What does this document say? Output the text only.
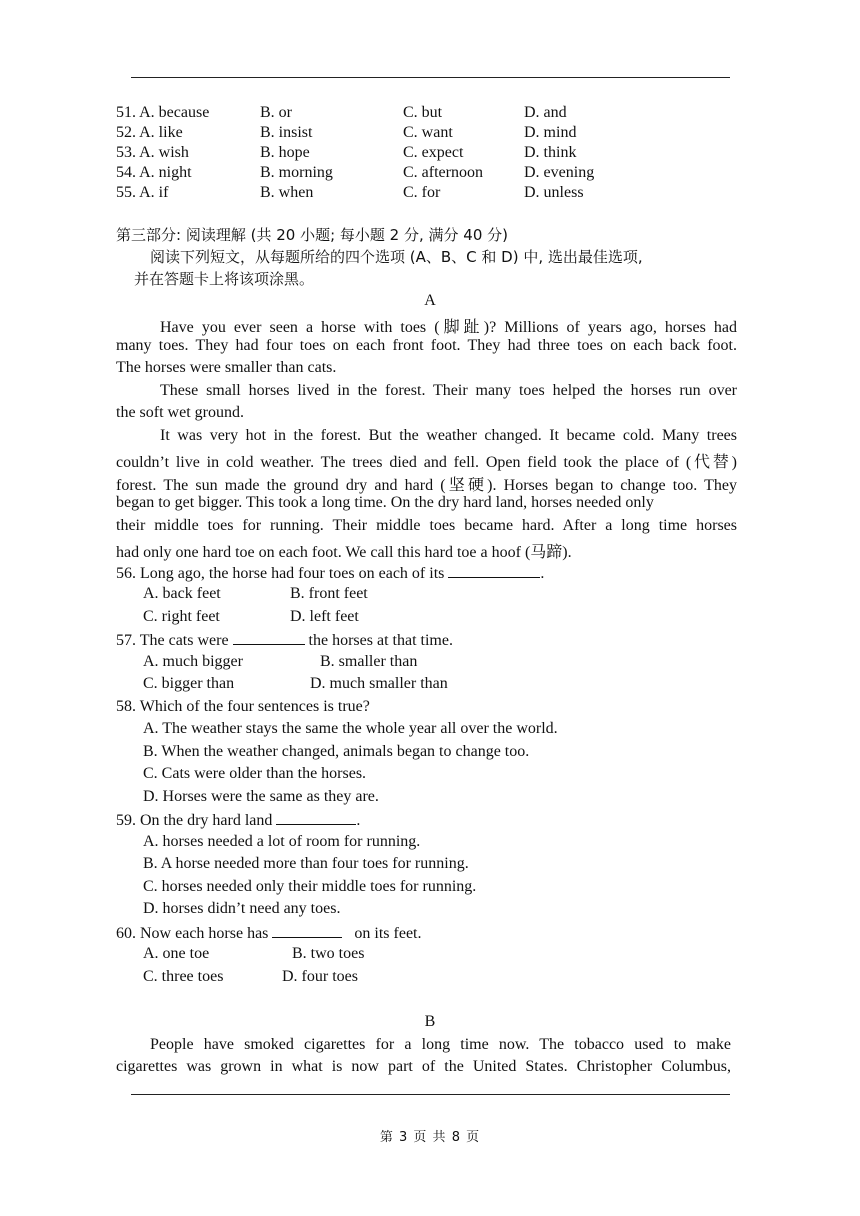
51. A. because	B. or	C. but	D. and
52. A. like	B. insist	C. want	D. mind
53. A. wish	B. hope	C. expect	D. think
54. A. night	B. morning	C. afternoon	D. evening
55. A. if	B. when	C. for	D. unless
第三部分: 阅读理解 (共 20 小题; 每小题 2 分, 满分 40 分)
阅读下列短文，从每题所给的四个选项 (A、B、C 和 D) 中, 选出最佳选项,
并在答题卡上将该项涂黑。
A
Have you ever seen a horse with toes (脚趾)? Millions of years ago, horses had
many toes. They had four toes on each front foot. They had three toes on each back foot.
The horses were smaller than cats.
These small horses lived in the forest. Their many toes helped the horses run over
the soft wet ground.
It was very hot in the forest. But the weather changed. It became cold. Many trees
couldn’t live in cold weather. The trees died and fell. Open field took the place of (代替)
forest. The sun made the ground dry and hard (坚硬). Horses began to change too. They
began to get bigger. This took a long time. On the dry hard land, horses needed only
their middle toes for running. Their middle toes became hard. After a long time horses
had only one hard toe on each foot. We call this hard toe a hoof (马蹄).
56. Long ago, the horse had four toes on each of its	.
A. back feet	B. front feet
C. right feet	D. left feet
57. The cats were	the horses at that time.
A. much bigger	B. smaller than
C. bigger than	D. much smaller than
58. Which of the four sentences is true?
A. The weather stays the same the whole year all over the world.
B. When the weather changed, animals began to change too.
C. Cats were older than the horses.
D. Horses were the same as they are.
59. On the dry hard land	.
A. horses needed a lot of room for running.
B. A horse needed more than four toes for running.
C. horses needed only their middle toes for running.
D. horses didn’t need any toes.
60. Now each horse has	on its feet.
A. one toe	B. two toes
C. three toes	D. four toes
B
People have smoked cigarettes for a long time now. The tobacco used to make
cigarettes was grown in what is now part of the United States. Christopher Columbus,
第 3 页 共 8 页
